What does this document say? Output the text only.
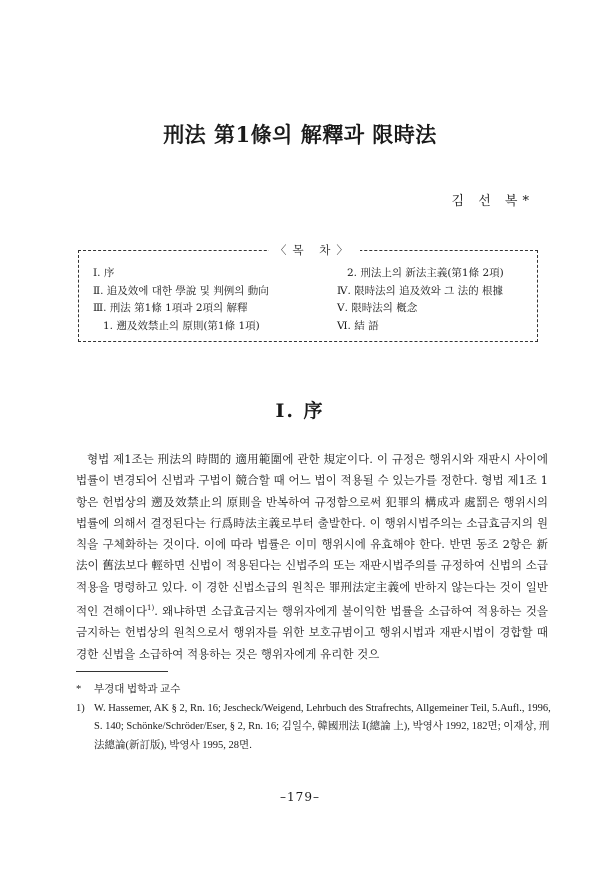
刑法 第1條의 解釋과 限時法
김 선 복*
〈목 차〉
Ⅰ. 序
Ⅱ. 追及效에 대한 學說 및 判例의 動向
Ⅲ. 刑法 第1條 1項과 2項의 解釋
1. 遡及效禁止의 原則(第1條 1項)
2. 刑法上의 新法主義(第1條 2項)
Ⅳ. 限時法의 追及效와 그 法的 根據
Ⅴ. 限時法의 槪念
Ⅵ. 結 語
Ⅰ. 序

형법 제1조는 刑法의 時間的 適用範圍에 관한 規定이다. 이 규정은 행위시와 재판시 사이에 법률이 변경되어 신법과 구법이 競合할 때 어느 법이 적용될 수 있는가를 정한다. 형법 제1조 1항은 헌법상의 遡及效禁止의 原則을 반복하여 규정함으로써 犯罪의 構成과 處罰은 행위시의 법률에 의해서 결정된다는 行爲時法主義로부터 출발한다. 이 행위시법주의는 소급효금지의 원칙을 구체화하는 것이다. 이에 따라 법률은 이미 행위시에 유효해야 한다. 반면 동조 2항은 新法이 舊法보다 輕하면 신법이 적용된다는 신법주의 또는 재판시법주의를 규정하여 신법의 소급적용을 명령하고 있다. 이 경한 신법소급의 원칙은 罪刑法定主義에 반하지 않는다는 것이 일반적인 견해이다$^{1)}$. 왜냐하면 소급효금지는 행위자에게 불이익한 법률을 소급하여 적용하는 것을 금지하는 헌법상의 원칙으로서 행위자를 위한 보호규범이고 행위시법과 재판시법이 경합할 때 경한 신법을 소급하여 적용하는 것은 행위자에게 유리한 것으

*	부경대 법학과 교수
1) W. Hassemer, AK § 2, Rn. 16; Jescheck/Weigend, Lehrbuch des Strafrechts, Allgemeiner Teil, 5.Aufl., 1996, S. 140; Schönke/Schröder/Eser, § 2, Rn. 16; 김일수, 韓國刑法 Ⅰ(總論 上), 박영사 1992, 182면; 이재상, 刑法總論(新訂版), 박영사 1995, 28면.
–179–
